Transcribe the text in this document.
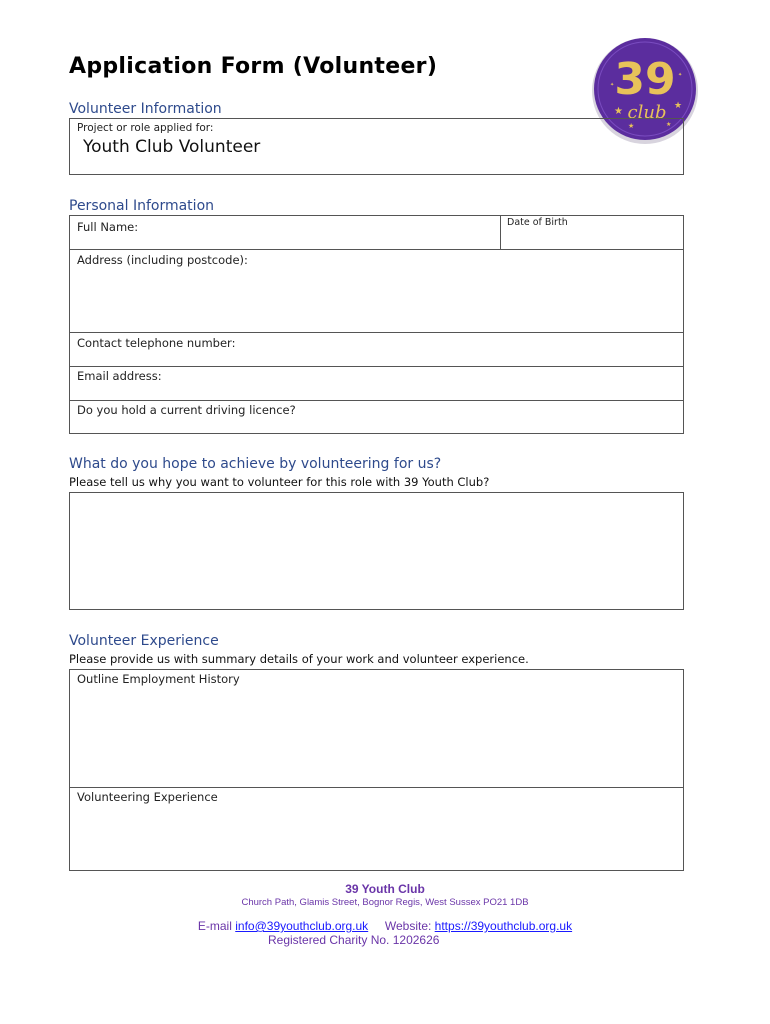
Application Form (Volunteer)	39
club
★
★
★
★
✦
✦
Volunteer Information
Project or role applied for:
Youth Club Volunteer
Personal Information
Full Name:	Date of Birth
Address (including postcode):
Contact telephone number:
Email address:
Do you hold a current driving licence?
What do you hope to achieve by volunteering for us?
Please tell us why you want to volunteer for this role with 39 Youth Club?
Volunteer Experience
Please provide us with summary details of your work and volunteer experience.
Outline Employment History
Volunteering Experience
39 Youth Club
Church Path, Glamis Street, Bognor Regis, West Sussex PO21 1DB
E-mail info@39youthclub.org.uk Website: https://39youthclub.org.uk
Registered Charity No. 1202626
